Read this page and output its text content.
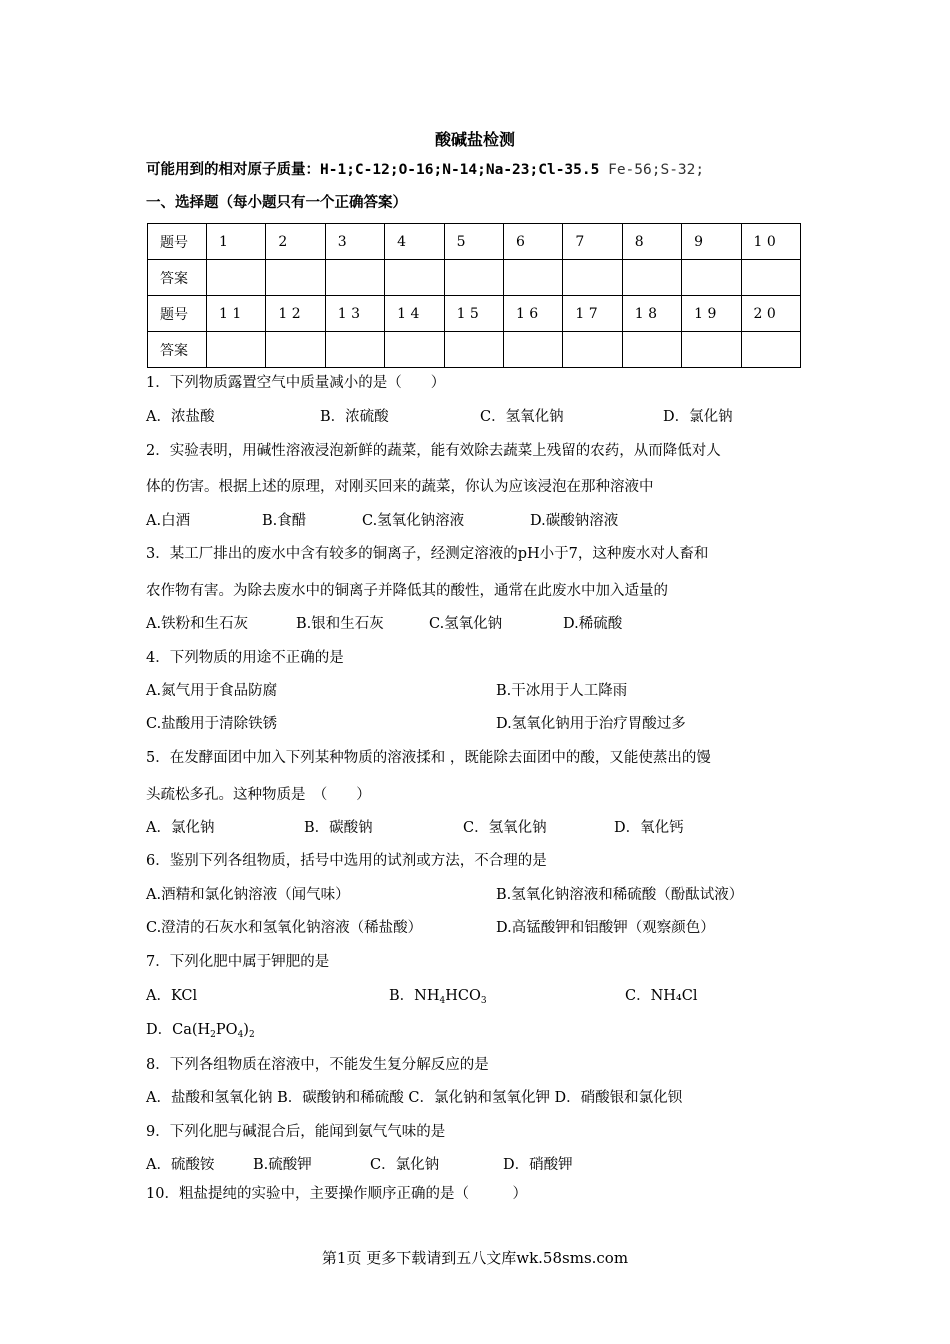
酸碱盐检测
可能用到的相对原子质量：H-1;C-12;O-16;N-14;Na-23;Cl-35.5 Fe-56;S-32;
一、选择题（每小题只有一个正确答案）
题号	1	2	3	4	5	6	7	8	9	1 0
答案										
题号	1 1	1 2	1 3	1 4	1 5	1 6	1 7	1 8	1 9	2 0
答案										
1．下列物质露置空气中质量减小的是（　　）
A．浓盐酸	B．浓硫酸	C．氢氧化钠	D．氯化钠
2．实验表明，用碱性溶液浸泡新鲜的蔬菜，能有效除去蔬菜上残留的农药，从而降低对人
体的伤害。根据上述的原理，对刚买回来的蔬菜，你认为应该浸泡在那种溶液中
A.白酒	B.食醋	C.氢氧化钠溶液	D.碳酸钠溶液
3．某工厂排出的废水中含有较多的铜离子，经测定溶液的pH小于7，这种废水对人畜和
农作物有害。为除去废水中的铜离子并降低其的酸性，通常在此废水中加入适量的
A.铁粉和生石灰	B.银和生石灰	C.氢氧化钠	D.稀硫酸
4．下列物质的用途不正确的是
A.氮气用于食品防腐	B.干冰用于人工降雨
C.盐酸用于清除铁锈	D.氢氧化钠用于治疗胃酸过多
5．在发酵面团中加入下列某种物质的溶液揉和 ，既能除去面团中的酸，又能使蒸出的馒
头疏松多孔。这种物质是　（　　）
A．氯化钠	B．碳酸钠	C．氢氧化钠	D．氧化钙
6．鉴别下列各组物质，括号中选用的试剂或方法，不合理的是
A.酒精和氯化钠溶液（闻气味）	B.氢氧化钠溶液和稀硫酸（酚酞试液）
C.澄清的石灰水和氢氧化钠溶液（稀盐酸）	D.高锰酸钾和铝酸钾（观察颜色）
7．下列化肥中属于钾肥的是
A．KCl	B．$NH_4HCO_3$	C．NH₄Cl
D．$Ca(H_2PO_4)_2$
8．下列各组物质在溶液中，不能发生复分解反应的是
A．盐酸和氢氧化钠 B．碳酸钠和稀硫酸 C．氯化钠和氢氧化钾 D．硝酸银和氯化钡
9．下列化肥与碱混合后，能闻到氨气气味的是
A．硫酸铵	B.硫酸钾	C．氯化钠	D．硝酸钾
10．粗盐提纯的实验中，主要操作顺序正确的是（　　　）
第1页 更多下载请到五八文库wk.58sms.com
